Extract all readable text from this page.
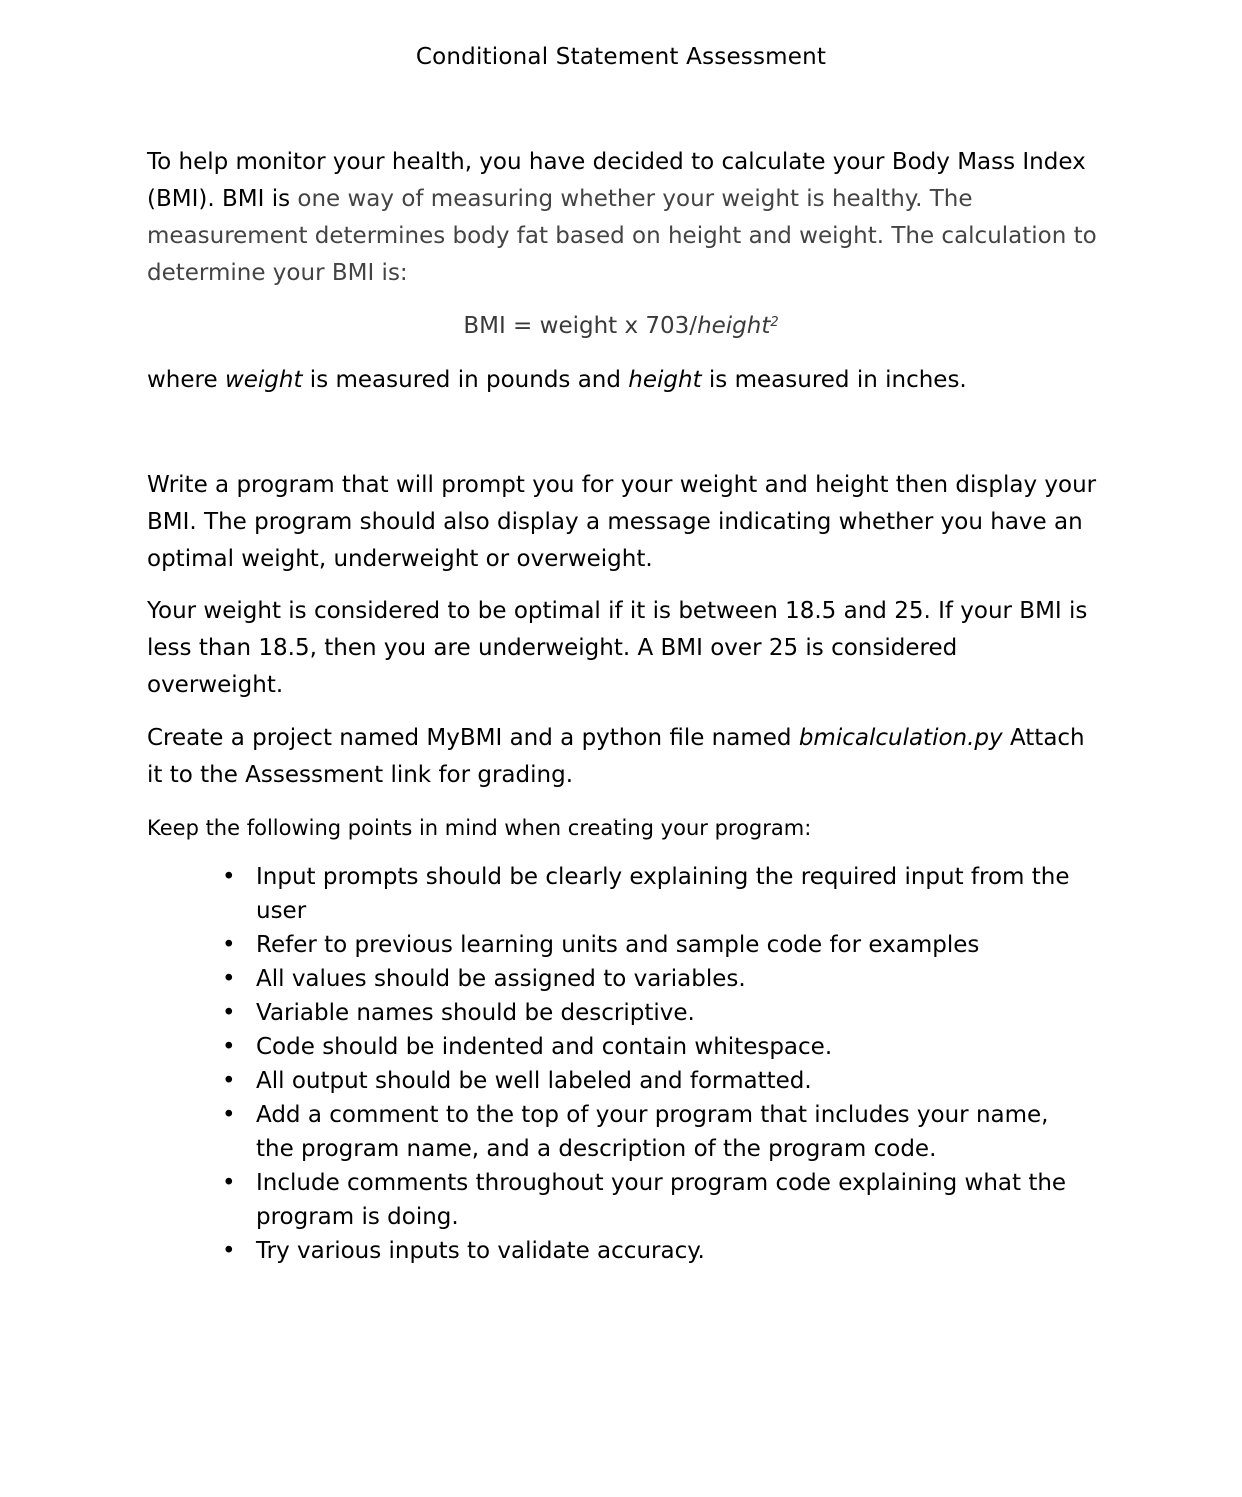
Conditional Statement Assessment

To help monitor your health, you have decided to calculate your Body Mass Index (BMI). BMI is one way of measuring whether your weight is healthy. The measurement determines body fat based on height and weight. The calculation to determine your BMI is:

BMI = weight x 703/height$^2$

where weight is measured in pounds and height is measured in inches.

Write a program that will prompt you for your weight and height then display your BMI. The program should also display a message indicating whether you have an optimal weight, underweight or overweight.

Your weight is considered to be optimal if it is between 18.5 and 25. If your BMI is less than 18.5, then you are underweight. A BMI over 25 is considered overweight.

Create a project named MyBMI and a python file named bmicalculation.py Attach it to the Assessment link for grading.

Keep the following points in mind when creating your program:

• Input prompts should be clearly explaining the required input from the user
• Refer to previous learning units and sample code for examples
• All values should be assigned to variables.
• Variable names should be descriptive.
• Code should be indented and contain whitespace.
• All output should be well labeled and formatted.
• Add a comment to the top of your program that includes your name, the program name, and a description of the program code.
• Include comments throughout your program code explaining what the program is doing.
• Try various inputs to validate accuracy.
